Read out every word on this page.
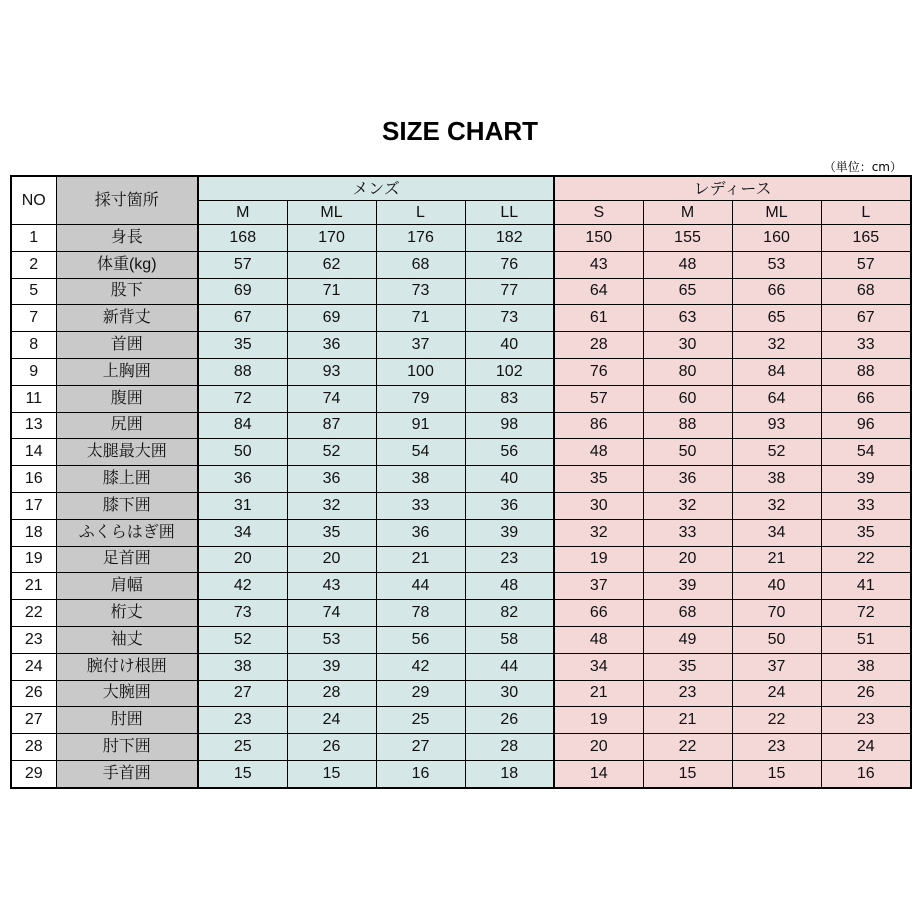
SIZE CHART
（単位：cm）
NO	採寸箇所	メンズ				レディース			
		M	ML	L	LL	S	M	ML	L
1	身長	168	170	176	182	150	155	160	165
2	体重(kg)	57	62	68	76	43	48	53	57
5	股下	69	71	73	77	64	65	66	68
7	新背丈	67	69	71	73	61	63	65	67
8	首囲	35	36	37	40	28	30	32	33
9	上胸囲	88	93	100	102	76	80	84	88
11	腹囲	72	74	79	83	57	60	64	66
13	尻囲	84	87	91	98	86	88	93	96
14	太腿最大囲	50	52	54	56	48	50	52	54
16	膝上囲	36	36	38	40	35	36	38	39
17	膝下囲	31	32	33	36	30	32	32	33
18	ふくらはぎ囲	34	35	36	39	32	33	34	35
19	足首囲	20	20	21	23	19	20	21	22
21	肩幅	42	43	44	48	37	39	40	41
22	桁丈	73	74	78	82	66	68	70	72
23	袖丈	52	53	56	58	48	49	50	51
24	腕付け根囲	38	39	42	44	34	35	37	38
26	大腕囲	27	28	29	30	21	23	24	26
27	肘囲	23	24	25	26	19	21	22	23
28	肘下囲	25	26	27	28	20	22	23	24
29	手首囲	15	15	16	18	14	15	15	16
